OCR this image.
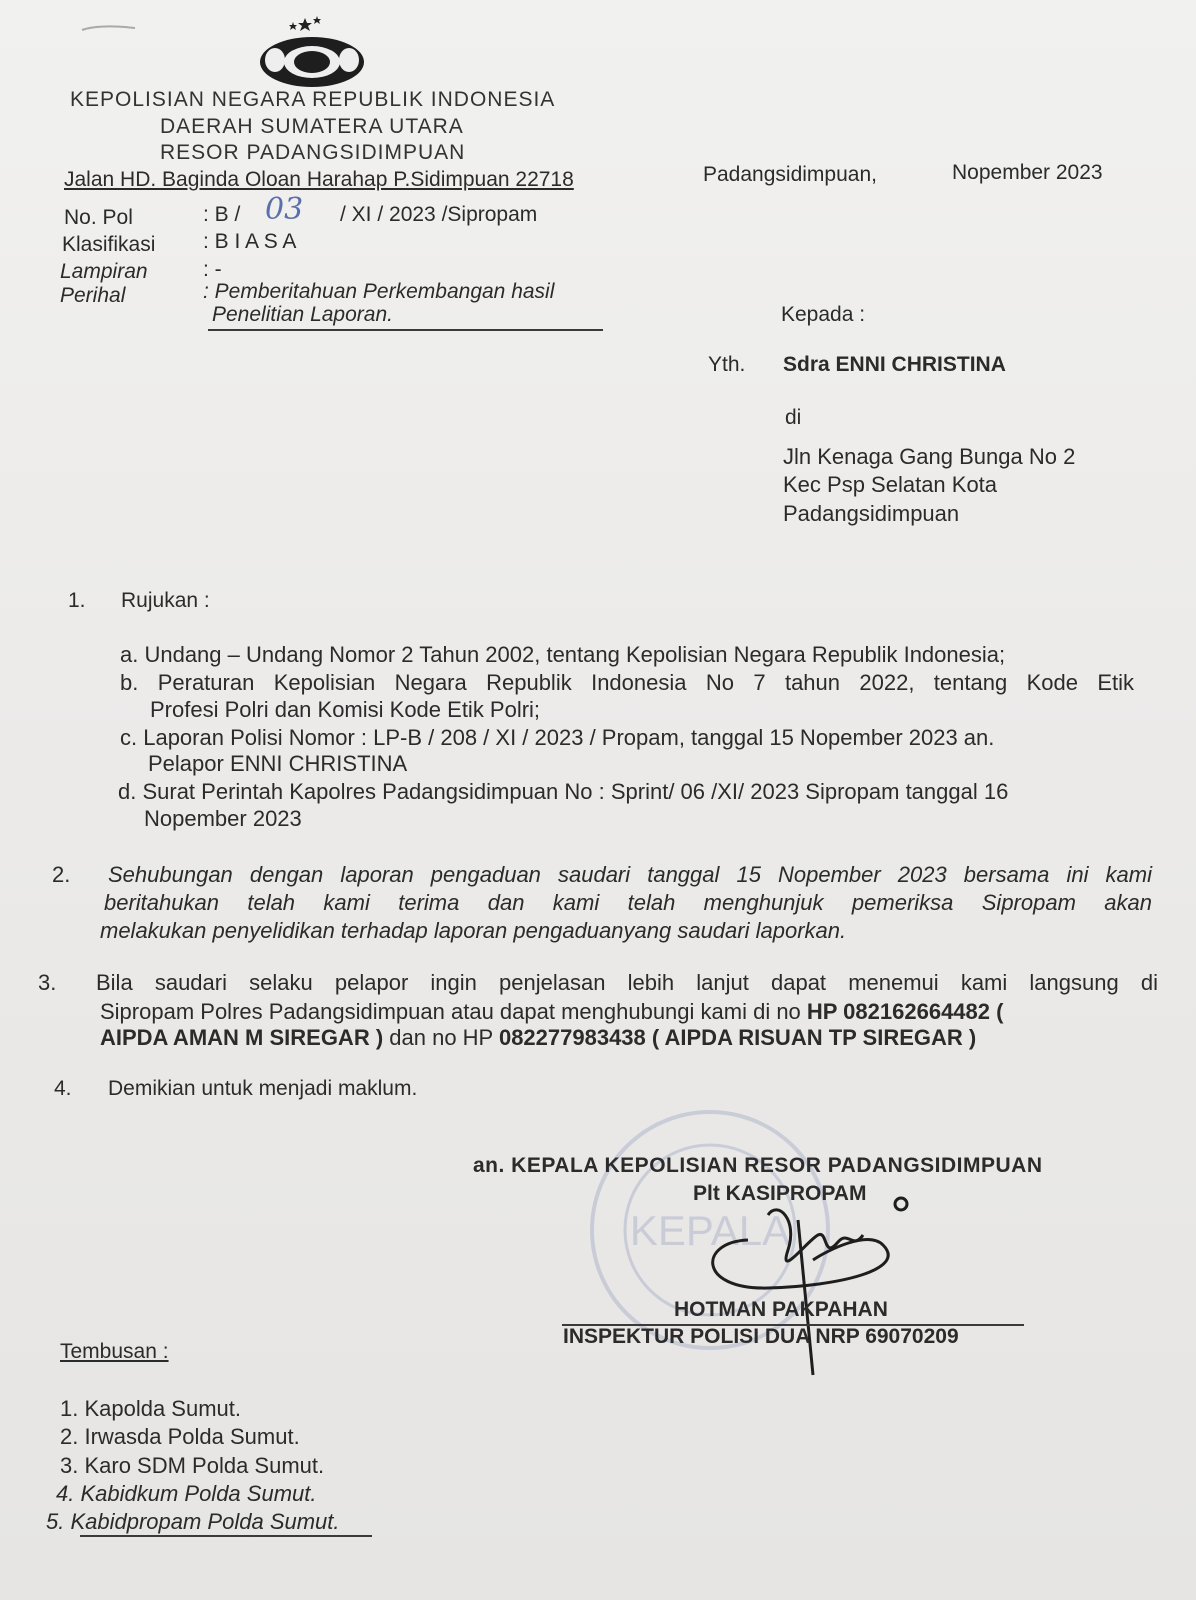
KEPOLISIAN NEGARA REPUBLIK INDONESIA
DAERAH SUMATERA UTARA
RESOR PADANGSIDIMPUAN
Jalan HD. Baginda Oloan Harahap P.Sidimpuan 22718	Padangsidimpuan,	Nopember 2023
No. Pol	: B / 03 / XI / 2023 /Sipropam
Klasifikasi : B I A S A
Lampiran	: -
Perihal	: Pemberitahuan Perkembangan hasil
Penelitian Laporan.	Kepada :
Yth. Sdra ENNI CHRISTINA
di
Jln Kenaga Gang Bunga No 2
Kec Psp Selatan Kota
Padangsidimpuan
1. Rujukan :
a. Undang – Undang Nomor 2 Tahun 2002, tentang Kepolisian Negara Republik Indonesia;
b. Peraturan Kepolisian Negara Republik Indonesia No 7 tahun 2022, tentang Kode Etik
Profesi Polri dan Komisi Kode Etik Polri;
c. Laporan Polisi Nomor : LP-B / 208 / XI / 2023 / Propam, tanggal 15 Nopember 2023 an.
Pelapor ENNI CHRISTINA
d. Surat Perintah Kapolres Padangsidimpuan No : Sprint/ 06 /XI/ 2023 Sipropam tanggal 16
Nopember 2023
2. Sehubungan dengan laporan pengaduan saudari tanggal 15 Nopember 2023 bersama ini kami
beritahukan telah kami terima dan kami telah menghunjuk pemeriksa Sipropam akan
melakukan penyelidikan terhadap laporan pengaduanyang saudari laporkan.
3. Bila saudari selaku pelapor ingin penjelasan lebih lanjut dapat menemui kami langsung di
Sipropam Polres Padangsidimpuan atau dapat menghubungi kami di no HP 082162664482 (
AIPDA AMAN M SIREGAR ) dan no HP 082277983438 ( AIPDA RISUAN TP SIREGAR )
4. Demikian untuk menjadi maklum.
KEPALA
an. KEPALA KEPOLISIAN RESOR PADANGSIDIMPUAN
Plt KASIPROPAM
HOTMAN PAKPAHAN
INSPEKTUR POLISI DUA NRP 69070209
Tembusan :
1. Kapolda Sumut.
2. Irwasda Polda Sumut.
3. Karo SDM Polda Sumut.
4. Kabidkum Polda Sumut.
5. Kabidpropam Polda Sumut.
